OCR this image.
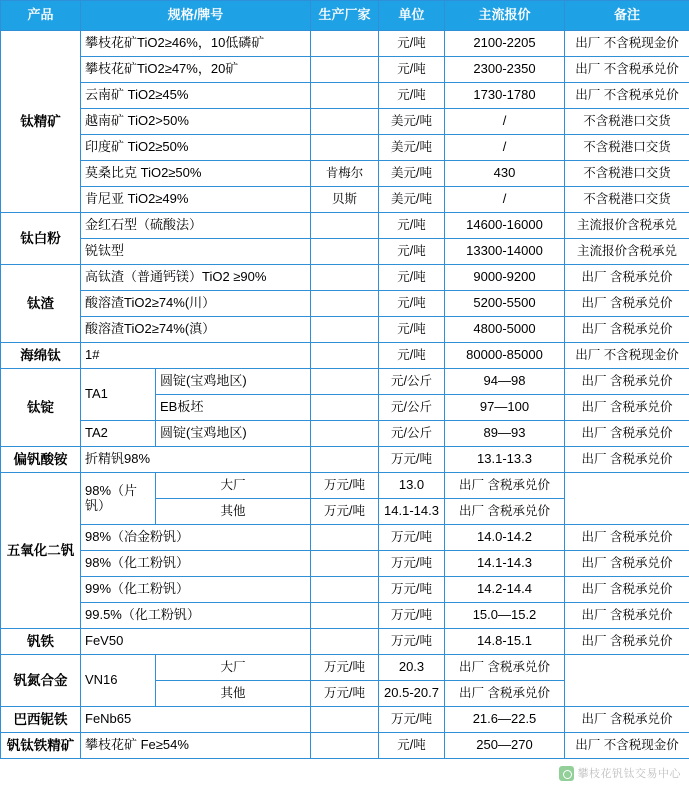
产品	规格/牌号		生产厂家	单位	主流报价	备注
钛精矿	攀枝花矿TiO2≥46%，10低磷矿			元/吨	2100-2205	出厂 不含税现金价
	攀枝花矿TiO2≥47%，20矿			元/吨	2300-2350	出厂 不含税承兑价
	云南矿 TiO2≥45%			元/吨	1730-1780	出厂 不含税承兑价
	越南矿 TiO2>50%			美元/吨	/	不含税港口交货
	印度矿 TiO2≥50%			美元/吨	/	不含税港口交货
	莫桑比克 TiO2≥50%		肯梅尔	美元/吨	430	不含税港口交货
	肯尼亚 TiO2≥49%		贝斯	美元/吨	/	不含税港口交货
钛白粉	金红石型（硫酸法）			元/吨	14600-16000	主流报价含税承兑
	锐钛型			元/吨	13300-14000	主流报价含税承兑
钛渣	高钛渣（普通钙镁）TiO2 ≥90%			元/吨	9000-9200	出厂 含税承兑价
	酸溶渣TiO2≥74%(川）			元/吨	5200-5500	出厂 含税承兑价
	酸溶渣TiO2≥74%(滇）			元/吨	4800-5000	出厂 含税承兑价
海绵钛	1#			元/吨	80000-85000	出厂 不含税现金价
钛锭	TA1	圆锭(宝鸡地区)		元/公斤	94—98	出厂 含税承兑价
		EB板坯		元/公斤	97—100	出厂 含税承兑价
	TA2	圆锭(宝鸡地区)		元/公斤	89—93	出厂 含税承兑价
偏钒酸铵	折精钒98%			万元/吨	13.1-13.3	出厂 含税承兑价
五氧化二钒	98%（片钒）	大厂	万元/吨	13.0	出厂 含税承兑价	
		其他	万元/吨	14.1-14.3	出厂 含税承兑价	
	98%（冶金粉钒）			万元/吨	14.0-14.2	出厂 含税承兑价
	98%（化工粉钒）			万元/吨	14.1-14.3	出厂 含税承兑价
	99%（化工粉钒）			万元/吨	14.2-14.4	出厂 含税承兑价
	99.5%（化工粉钒）			万元/吨	15.0—15.2	出厂 含税承兑价
钒铁	FeV50			万元/吨	14.8-15.1	出厂 含税承兑价
钒氮合金	VN16	大厂	万元/吨	20.3	出厂 含税承兑价	
		其他	万元/吨	20.5-20.7	出厂 含税承兑价	
巴西铌铁	FeNb65			万元/吨	21.6—22.5	出厂 含税承兑价
钒钛铁精矿	攀枝花矿 Fe≥54%			元/吨	250—270	出厂 不含税现金价
攀枝花钒钛交易中心
